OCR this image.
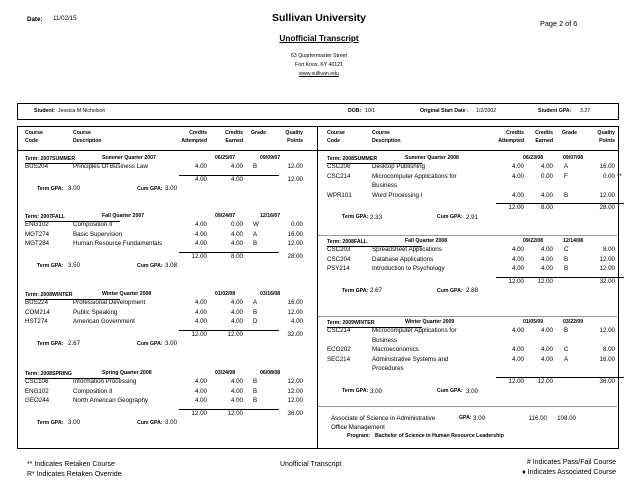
Date: 11/02/15	Sullivan University	Page 2 of 6
Unofficial Transcript
63 Quartermaster Street
Fort Knox, KY 40121
www.sullivan.edu
Student: Jessica M Nicholson	DOB: 10/1	Original Start Date : 1/2/2002	Student GPA: 3.27
Course
Code
Course
Description
Credits
Attempted
Credits
Earned
Grade	Quality
Points
Course
Code
Course
Description
Credits
Attempted
Credits
Earned
Grade	Quality
Points
Term: 2007SUMMER	Summer Quarter 2007	06/25/07	09/09/07
BUS204	Principles Of Business Law	4.00	4.00 B	12.00
4.00	4.00	12.00
Term GPA: 3.00	Cum GPA: 3.00
Term: 2007FALL	Fall Quarter 2007	09/24/07	12/16/07
ENG102	Composition II	4.00	0.00 W	0.00
MGT274	Basic Supervision	4.00	4.00 A	16.00
MGT284	Human Resource Fundamentals	4.00	4.00 B	12.00
12.00	8.00	28.00
Term GPA: 3.50	Cum GPA: 3.08
Term: 2008WINTER	Winter Quarter 2008	01/02/08	03/16/08
BUS224	Professional Development	4.00	4.00 A	16.00
COM214	Public Speaking	4.00	4.00 B	12.00
HST274	American Government	4.00	4.00 D	4.00
12.00	12.00	32.00
Term GPA: 2.67	Cum GPA: 3.00
Term: 2008SPRING	Spring Quarter 2008	03/24/08	06/08/08
CSC106	Information Processing	4.00	4.00 B	12.00
ENG102	Composition II	4.00	4.00 B	12.00
GEO244	North American Geography	4.00	4.00 B	12.00
12.00	12.00	36.00
Term GPA: 3.00	Cum GPA: 3.00
Term: 2008SUMMER	Summer Quarter 2008	06/23/08	09/07/08
CSC206	Desktop Publishing	4.00	4.00 A	16.00
CSC214	Microcomputer Applications for	4.00	0.00 F	0.00 **
Business
WPR101	Word Processing I	4.00	4.00 B	12.00
12.00	8.00	28.00
Term GPA: 2.33	Cum GPA: 2.91
Term: 2008FALL	Fall Quarter 2008	09/22/08	12/14/08
CSC203	Spreadsheet Applications	4.00	4.00 C	8.00
CSC204	Database Applications	4.00	4.00 B	12.00
PSY214	Introduction to Psychology	4.00	4.00 B	12.00
12.00	12.00	32.00
Term GPA: 2.67	Cum GPA: 2.88
Term: 2009WINTER	Winter Quarter 2009	01/05/09	03/22/09
CSC214	Microcomputer Applications for	4.00	4.00 B	12.00
Business
ECO202	Macroeconomics	4.00	4.00 C	8.00
SEC214	Administrative Systems and	4.00	4.00 A	16.00
Procedures
12.00	12.00	36.00
Term GPA: 3.00	Cum GPA: 3.00
Associate of Science in Administrative
Office Management
GPA: 3.00	116.00	108.00
Program: Bachelor of Science in Human Resource Leadership
** Indicates Retaken Course
R* Indicates Retaken Override
Unofficial Transcript	# Indicates Pass/Fail Course
♦ Indicates Associated Course
